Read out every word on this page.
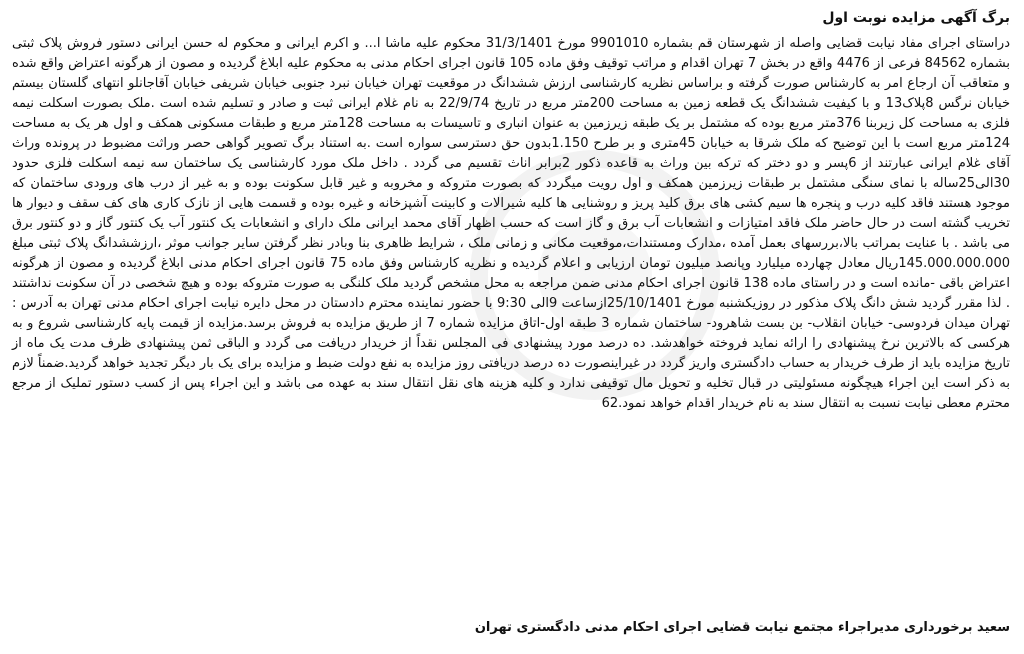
برگ آگهی مزایده نوبت اول

دراستای اجرای مفاد نیابت قضایی واصله از شهرستان قم بشماره 9901010 مورخ 31/3/1401 محکوم علیه ماشا ا... و اکرم ایرانی و محکوم له حسن ایرانی دستور فروش پلاک ثبتی بشماره 84562 فرعی از 4476 واقع در بخش 7 تهران اقدام و مراتب توقیف وفق ماده 105 قانون اجرای احکام مدنی به محکوم علیه ابلاغ گردیده و مصون از هرگونه اعتراض واقع شده و متعاقب آن ارجاع امر به کارشناس صورت گرفته و براساس نظریه کارشناسی ارزش ششدانگ در موقعیت تهران خیابان نبرد جنوبی خیابان شریفی خیابان آقاجانلو انتهای گلستان بیستم خیابان نرگس 8پلاک13 و با کیفیت ششدانگ یک قطعه زمین به مساحت 200متر مربع در تاریخ 22/9/74 به نام غلام ایرانی ثبت و صادر و تسلیم شده است .ملک بصورت اسکلت نیمه فلزی به مساحت کل زیربنا 376متر مربع بوده که مشتمل بر یک طبقه زیرزمین به عنوان انباری و تاسیسات به مساحت 128متر مربع و طبقات مسکونی همکف و اول هر یک به مساحت 124متر مربع است با این توضیح که ملک شرقا به خیابان 45متری و بر طرح 1.150بدون حق دسترسی سواره است .به استناد برگ تصویر گواهی حصر وراثت مضبوط در پرونده وراث آقای غلام ایرانی عبارتند از 6پسر و دو دختر که ترکه بین وراث به قاعده ذکور 2برابر اناث تقسیم می گردد . داخل ملک مورد کارشناسی یک ساختمان سه نیمه اسکلت فلزی حدود 30الی25ساله با نمای سنگی مشتمل بر طبقات زیرزمین همکف و اول رویت میگردد که بصورت متروکه و مخروبه و غیر قابل سکونت بوده و به غیر از درب های ورودی ساختمان که موجود هستند فاقد کلیه درب و پنجره ها سیم کشی های برق کلید پریز و روشنایی ها کلیه شیرالات و کابینت آشپزخانه و غیره بوده و قسمت هایی از نازک کاری های کف سقف و دیوار ها تخریب گشته است در حال حاضر ملک فاقد امتیازات و انشعابات آب برق و گاز است که حسب اظهار آقای محمد ایرانی ملک دارای و انشعابات یک کنتور آب یک کنتور گاز و دو کنتور برق می باشد . با عنایت بمراتب بالا،بررسهای بعمل آمده ،مدارک ومستندات،موقعیت مکانی و زمانی ملک ، شرایط ظاهری بنا وبادر نظر گرفتن سایر جوانب موثر ،ارزششدانگ پلاک ثبتی مبلغ 145.000.000.000ریال معادل چهارده میلیارد وپانصد میلیون تومان ارزیابی و اعلام گردیده و نظریه کارشناس وفق ماده 75 قانون اجرای احکام مدنی ابلاغ گردیده و مصون از هرگونه اعتراض باقی -مانده است و در راستای ماده 138 قانون اجرای احکام مدنی ضمن مراجعه به محل مشخص گردید ملک کلنگی به صورت متروکه بوده و هیچ شخصی در آن سکونت نداشتند . لذا مقرر گردید شش دانگ پلاک مذکور در روزیکشنبه مورخ 25/10/1401ازساعت 9الی 9:30 با حضور نماینده محترم دادستان در محل دایره نیابت اجرای احکام مدنی تهران به آدرس : تهران میدان فردوسی- خیابان انقلاب- بن بست شاهرود- ساختمان شماره 3 طبقه اول-اتاق مزایده شماره 7 از طریق مزایده به فروش برسد.مزایده از قیمت پایه کارشناسی شروع و به هرکسی که بالاترین نرخ پیشنهادی را ارائه نماید فروخته خواهدشد. ده درصد مورد پیشنهادی فی المجلس نقداً از خریدار دریافت می گردد و الباقی ثمن پیشنهادی ظرف مدت یک ماه از تاریخ مزایده باید از طرف خریدار به حساب دادگستری واریز گردد در غیراینصورت ده درصد دریافتی روز مزایده به نفع دولت ضبط و مزایده برای یک بار دیگر تجدید خواهد گردید.ضمناً لازم به ذکر است این اجراء هیچگونه مسئولیتی در قبال تخلیه و تحویل مال توقیفی ندارد و کلیه هزینه های نقل انتقال سند به عهده می باشد و این اجراء پس از کسب دستور تملیک از مرجع محترم معطی نیابت نسبت به انتقال سند به نام خریدار اقدام خواهد نمود.62

سعید برخورداری مدیراجراء مجتمع نیابت قضایی اجرای احکام مدنی دادگستری تهران
